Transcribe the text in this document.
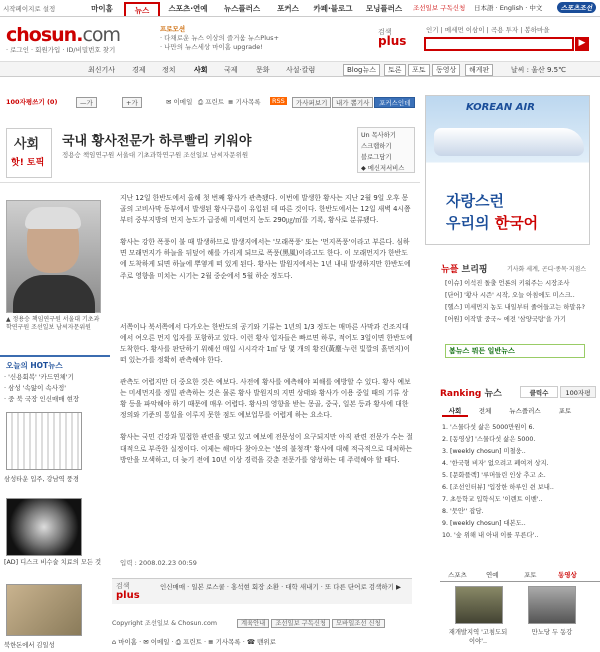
시작페이지로 설정	마이홈	뉴스	스포츠·연예	뉴스플러스	포커스	카페·블로그	모닝플러스	조선일보 구독신청 日本語 · English · 中文	스포츠조선
chosun.com
· 로그인 · 회원가입 · ID/비밀번호 찾기
프로모션
· 다채로운 뉴스 이상의 즐거움 뉴스Plus+
· 나만의 뉴스세상 마이홈 upgrade!
검색
plus
인기 | 메세먼 이삼이 | 곡용 투자 | 봉하마을
▶
최신기사 경제 정치	사회 국제	문화 사설·칼럼	Blog뉴스	토론	포토	동영상	해게판	날씨 : 울산 9.5℃
100자평쓰기 (0)	—가	+가	✉ 이메일 ⎙ 프린트 ≣ 기사목록	RSS	가사퍼보기	내가 뽑기사	포커스인데
사회
핫! 토픽
국내 황사전문가 하루빨리 키워야
정용승 책임연구원 서울대 기초과학연구원 조선일보 남씨자문위원
Un 목사하기
스크랩하기
블로그담기
◆ 메신저서비스
▲ 정용승 책임연구원 서울대 기초과학연구원 조선일보 남씨자문위원
오늘의 HOT뉴스
· '신용회복' '카드연체'기
· 삼성 '속앓이 속사정'
· 중 북 국장 인신매매 현장
삼성타운 입주, 강남역 풍경
[AD] 디스크 비수술 치료의 모든 것
북한돈에서 김일성

지난 12일 한반도에서 올해 첫 번째 황사가 관측됐다. 이번에 발생한 황사는 지난 2월 9일 오후 몽골의 고비사막 동부에서 발생된 황사구름이 유입된 데 따른 것이다. 한반도에서는 12일 새벽 4시쯤부터 중부지방의 먼지 농도가 급증해 미세먼지 농도 290㎍/㎥를 기록, 황사로 분류됐다.

황사는 강한 폭풍이 불 때 발생하므로 발생지에서는 '모래폭풍' 또는 '먼지폭풍'이라고 부른다. 심하면 모래먼지가 하늘을 뒤덮어 해를 가리게 되므로 폭풍(黑風)이라고도 한다. 이 모래먼지가 한반도에 도착하게 되면 하늘에 뿌옇게 떠 있게 된다. 황사는 발원지에서는 1년 내내 발생하지만 한반도에 주로 영향을 미치는 시기는 2월 중순에서 5월 하순 정도다.

서쪽이나 북서쪽에서 다가오는 한반도의 공기와 기류는 1년의 1/3 정도는 매마른 사막과 건조지대에서 여오른 먼지 입자를 포함하고 있다. 이런 황사 입자들은 빠르면 하루, 적어도 3일이면 한반도에 도착한다. 황사를 판단하기 위해선 매일 시시각각 1㎥ 당 몇 개의 황진(黃塵·누런 빛깔의 흙먼지)이 떠 있는가를 정확히 관측해야 한다.

관측도 어렵지만 더 중요한 것은 예보다. 사전에 황사를 예측해야 피해를 예방할 수 있다. 황사 예보는 미세먼지를 정밀 관측하는 것은 물론 황사 발원지의 지면 상태와 황사가 이용 중일 때의 기류 상황 등을 파악해야 하기 때문에 매우 어렵다. 황사의 영향을 받는 몽골, 중국, 일본 등과 황사에 대한 정의와 기준의 통일을 이루지 못한 점도 예보업무를 어렵게 하는 요소다.

황사는 국민 건강과 밀접한 관련을 맺고 있고 예보에 전문성이 요구되지만 아직 관련 전문가 수는 절대적으로 부족한 실정이다. 이제는 해마다 찾아오는 '봄의 불청객' 황사에 대해 적극적으로 대처하는 방안을 모색하고, 더 늦기 전에 10년 이상 경력을 갖춘 전문가를 양성하는 데 주력해야 할 때다.

입력 : 2008.02.23 00:59
검색
plus
인신매매 · 일본 로스쿨 · 홍석현 회장 소환 · 대학 새내기 · 또 다른 단어로 검색하기 ▶
Copyright 조선일보 & Chosun.com	계육안내 조선일보 구독신청 모바일조선 신청
⌂ 마이홈 · ✉ 이메일 · ⎙ 프린트 · ≣ 기사목록 · ☎ 맨위로
KOREAN AIR
자랑스런
우리의 한국어
뉴플 브리핑	기사화 세계, 곤디·종목·지점스
[이슈] 이석진 돌출 언론의 키워주는 시장조사
[단어] '황사 시즌' 시작, 오늘 아침에도 미스크..
[헬스] 미세먼지 농도 내일부터 줄어들고는 하말유?
[어원] 이작말 중국~ 에전 '삼양국탕'을 가기
봄뉴스 뭐든 일반뉴스
Ranking 뉴스	클릭수	100자평
사회	전체	뉴스플러스	포토
1. '스물다섯 삶은 5000만원이 6.
2. [동영상] '스물다섯 삶은 5000.
3. [weekly chosun] 미철웅..
4. '한국형 비자' 없으려고 폐여져 상지.
5. [문화플렉] '루머들린 인상 추고 소.
6. [조선인터뷰] '입장한 하루인 쉰 보내..
7. 초등학교 입학식도 '이렌트 이벤'..
8. '뭇안'' 잡담.
9. [weekly chosun] 대본도..
10. '숲 위해 내 아내 이를 무른다'..
스포츠	연예	포토	동영상
재개발지역 '고침도되이야'..
만노당 두 동강
